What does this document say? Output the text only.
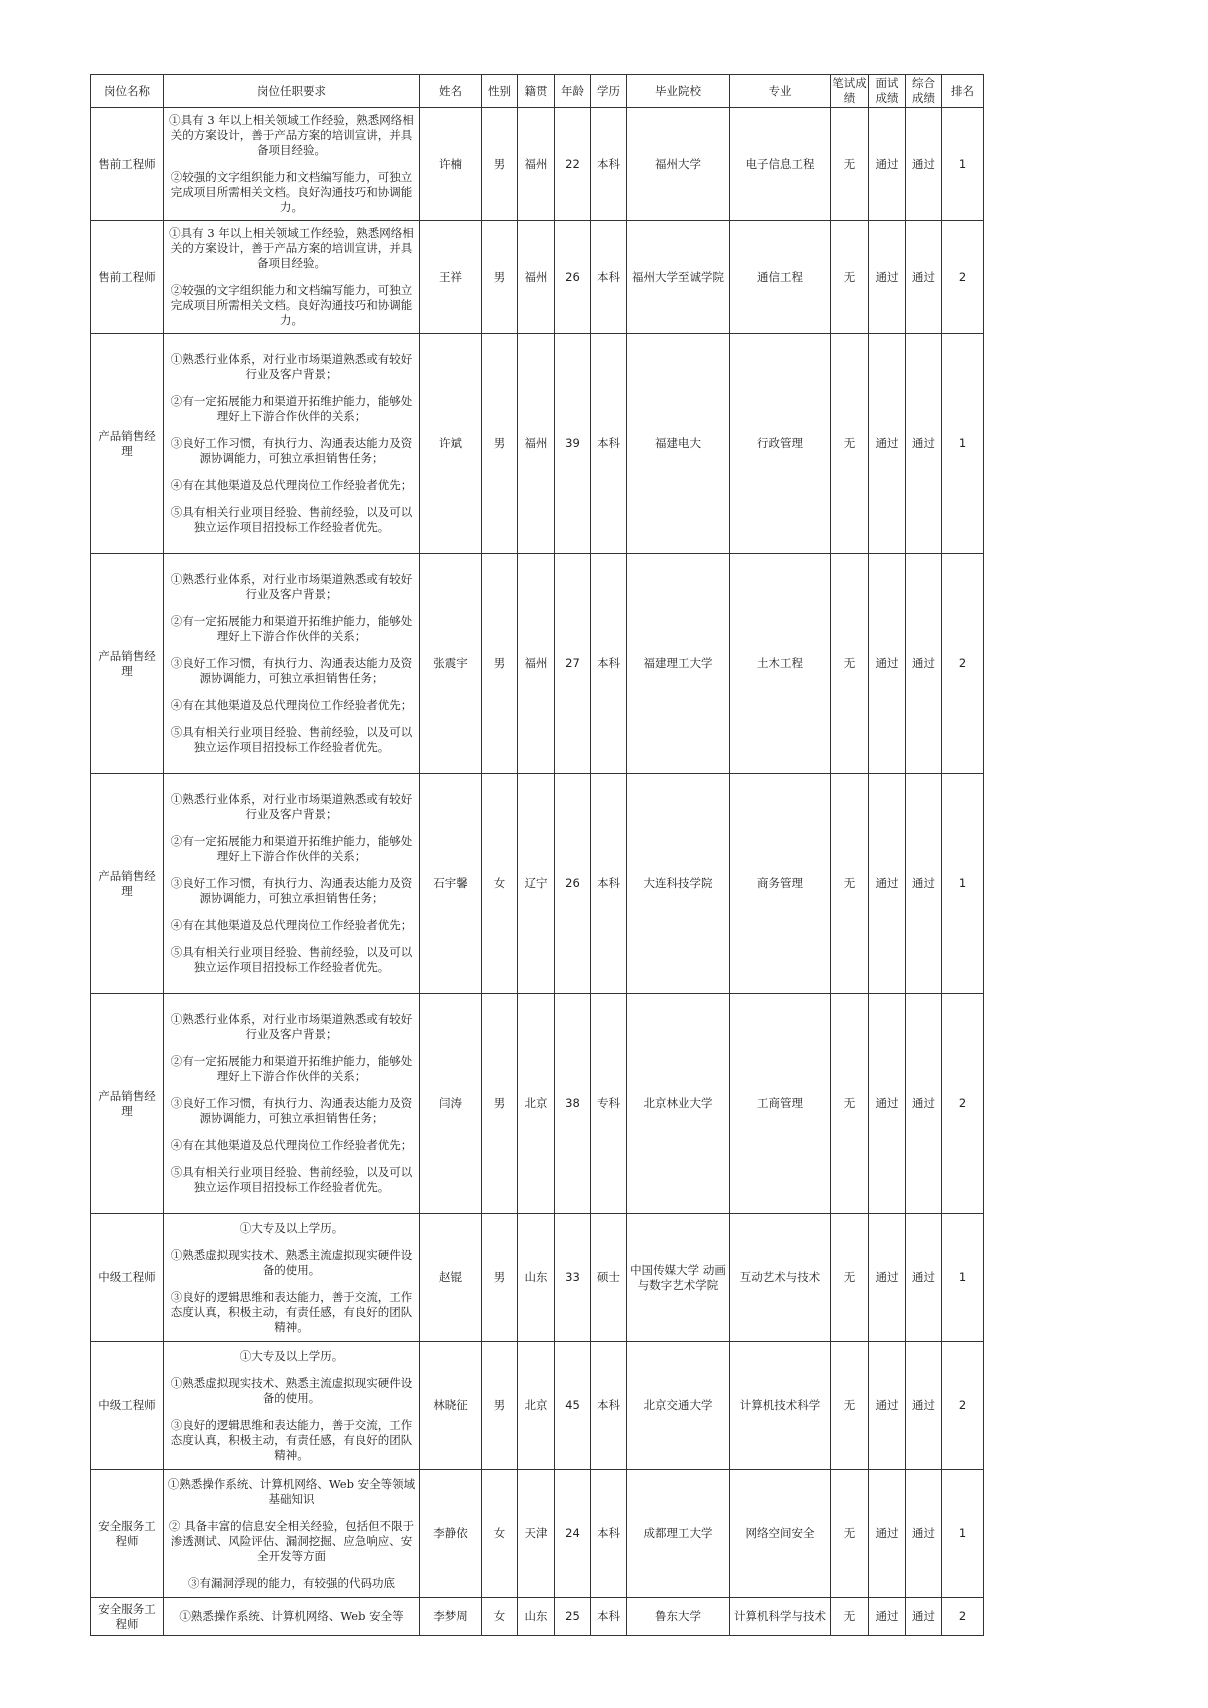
岗位名称	岗位任职要求	姓名	性别	籍贯	年龄	学历	毕业院校	专业	笔试成绩	面试成绩	综合成绩	排名
售前工程师	①具有 3 年以上相关领域工作经验，熟悉网络相关的方案设计，善于产品方案的培训宣讲，并具备项目经验。

②较强的文字组织能力和文档编写能力，可独立完成项目所需相关文档。良好沟通技巧和协调能力。	许楠	男	福州	22	本科	福州大学	电子信息工程	无	通过	通过	1
售前工程师	①具有 3 年以上相关领域工作经验，熟悉网络相关的方案设计，善于产品方案的培训宣讲，并具备项目经验。

②较强的文字组织能力和文档编写能力，可独立完成项目所需相关文档。良好沟通技巧和协调能力。	王祥	男	福州	26	本科	福州大学至诚学院	通信工程	无	通过	通过	2
产品销售经理	①熟悉行业体系，对行业市场渠道熟悉或有较好行业及客户背景；

②有一定拓展能力和渠道开拓维护能力，能够处理好上下游合作伙伴的关系；

③良好工作习惯，有执行力、沟通表达能力及资源协调能力，可独立承担销售任务；

④有在其他渠道及总代理岗位工作经验者优先；

⑤具有相关行业项目经验、售前经验，以及可以独立运作项目招投标工作经验者优先。	许斌	男	福州	39	本科	福建电大	行政管理	无	通过	通过	1
产品销售经理	①熟悉行业体系，对行业市场渠道熟悉或有较好行业及客户背景；

②有一定拓展能力和渠道开拓维护能力，能够处理好上下游合作伙伴的关系；

③良好工作习惯，有执行力、沟通表达能力及资源协调能力，可独立承担销售任务；

④有在其他渠道及总代理岗位工作经验者优先；

⑤具有相关行业项目经验、售前经验，以及可以独立运作项目招投标工作经验者优先。	张震宇	男	福州	27	本科	福建理工大学	土木工程	无	通过	通过	2
产品销售经理	①熟悉行业体系，对行业市场渠道熟悉或有较好行业及客户背景；

②有一定拓展能力和渠道开拓维护能力，能够处理好上下游合作伙伴的关系；

③良好工作习惯，有执行力、沟通表达能力及资源协调能力，可独立承担销售任务；

④有在其他渠道及总代理岗位工作经验者优先；

⑤具有相关行业项目经验、售前经验，以及可以独立运作项目招投标工作经验者优先。	石宇馨	女	辽宁	26	本科	大连科技学院	商务管理	无	通过	通过	1
产品销售经理	①熟悉行业体系，对行业市场渠道熟悉或有较好行业及客户背景；

②有一定拓展能力和渠道开拓维护能力，能够处理好上下游合作伙伴的关系；

③良好工作习惯，有执行力、沟通表达能力及资源协调能力，可独立承担销售任务；

④有在其他渠道及总代理岗位工作经验者优先；

⑤具有相关行业项目经验、售前经验，以及可以独立运作项目招投标工作经验者优先。	闫涛	男	北京	38	专科	北京林业大学	工商管理	无	通过	通过	2
中级工程师	①大专及以上学历。

①熟悉虚拟现实技术、熟悉主流虚拟现实硬件设备的使用。

③良好的逻辑思维和表达能力，善于交流，工作态度认真，积极主动，有责任感，有良好的团队精神。	赵锟	男	山东	33	硕士	中国传媒大学 动画与数字艺术学院	互动艺术与技术	无	通过	通过	1
中级工程师	①大专及以上学历。

①熟悉虚拟现实技术、熟悉主流虚拟现实硬件设备的使用。

③良好的逻辑思维和表达能力，善于交流，工作态度认真，积极主动，有责任感，有良好的团队精神。	林晓征	男	北京	45	本科	北京交通大学	计算机技术科学	无	通过	通过	2
安全服务工程师	①熟悉操作系统、计算机网络、Web 安全等领域基础知识

② 具备丰富的信息安全相关经验，包括但不限于渗透测试、风险评估、漏洞挖掘、应急响应、安全开发等方面

③有漏洞浮现的能力，有较强的代码功底	李静依	女	天津	24	本科	成都理工大学	网络空间安全	无	通过	通过	1
安全服务工程师	①熟悉操作系统、计算机网络、Web 安全等	李梦周	女	山东	25	本科	鲁东大学	计算机科学与技术	无	通过	通过	2
